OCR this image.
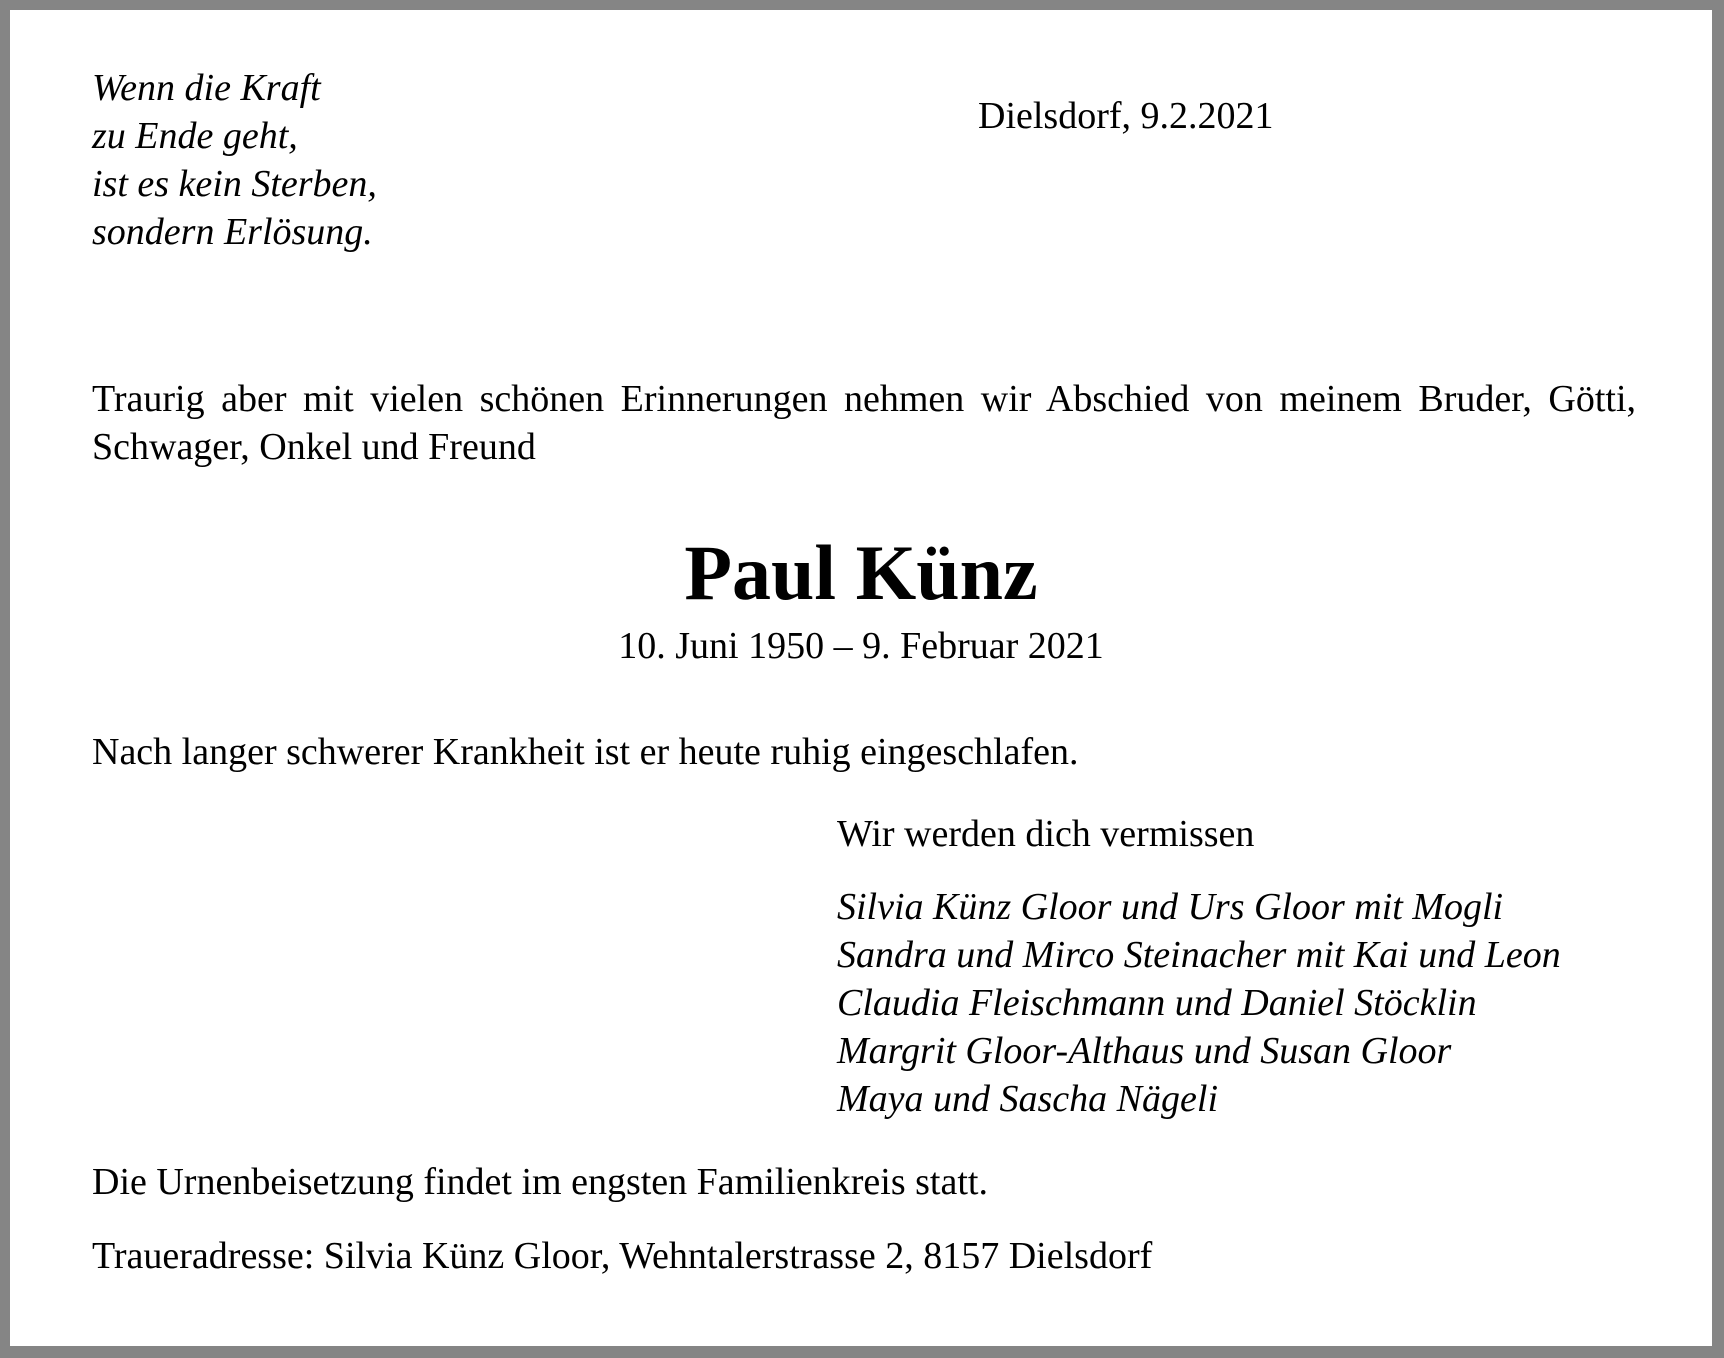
Wenn die Kraft
zu Ende geht,
ist es kein Sterben,
sondern Erlösung.
Dielsdorf, 9.2.2021
Traurig aber mit vielen schönen Erinnerungen nehmen wir Abschied von meinem Bruder, Götti, Schwager, Onkel und Freund
Paul Künz
10. Juni 1950 – 9. Februar 2021
Nach langer schwerer Krankheit ist er heute ruhig eingeschlafen.
Wir werden dich vermissen
Silvia Künz Gloor und Urs Gloor mit Mogli
Sandra und Mirco Steinacher mit Kai und Leon
Claudia Fleischmann und Daniel Stöcklin
Margrit Gloor-Althaus und Susan Gloor
Maya und Sascha Nägeli
Die Urnenbeisetzung findet im engsten Familienkreis statt.
Traueradresse: Silvia Künz Gloor, Wehntalerstrasse 2, 8157 Dielsdorf
